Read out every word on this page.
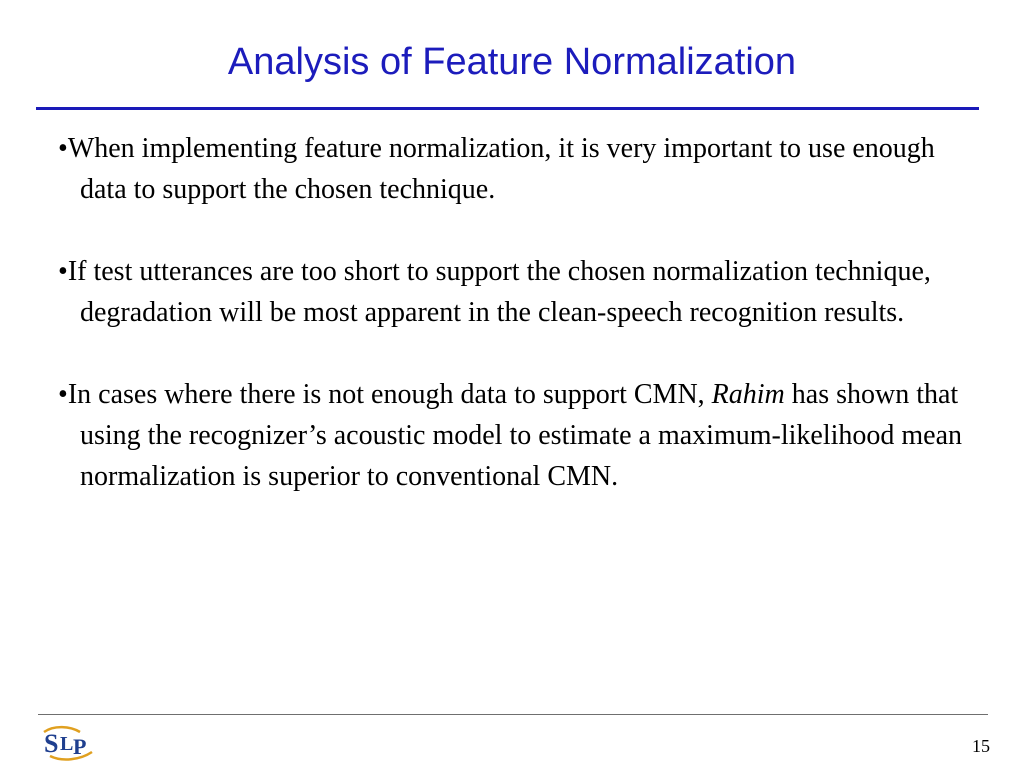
Analysis of Feature Normalization

•When implementing feature normalization, it is very important to use enough data to support the chosen technique.

•If test utterances are too short to support the chosen normalization technique, degradation will be most apparent in the clean-speech recognition results.

•In cases where there is not enough data to support CMN, Rahim has shown that using the recognizer’s acoustic model to estimate a maximum-likelihood mean normalization is superior to conventional CMN.

S L P	15
